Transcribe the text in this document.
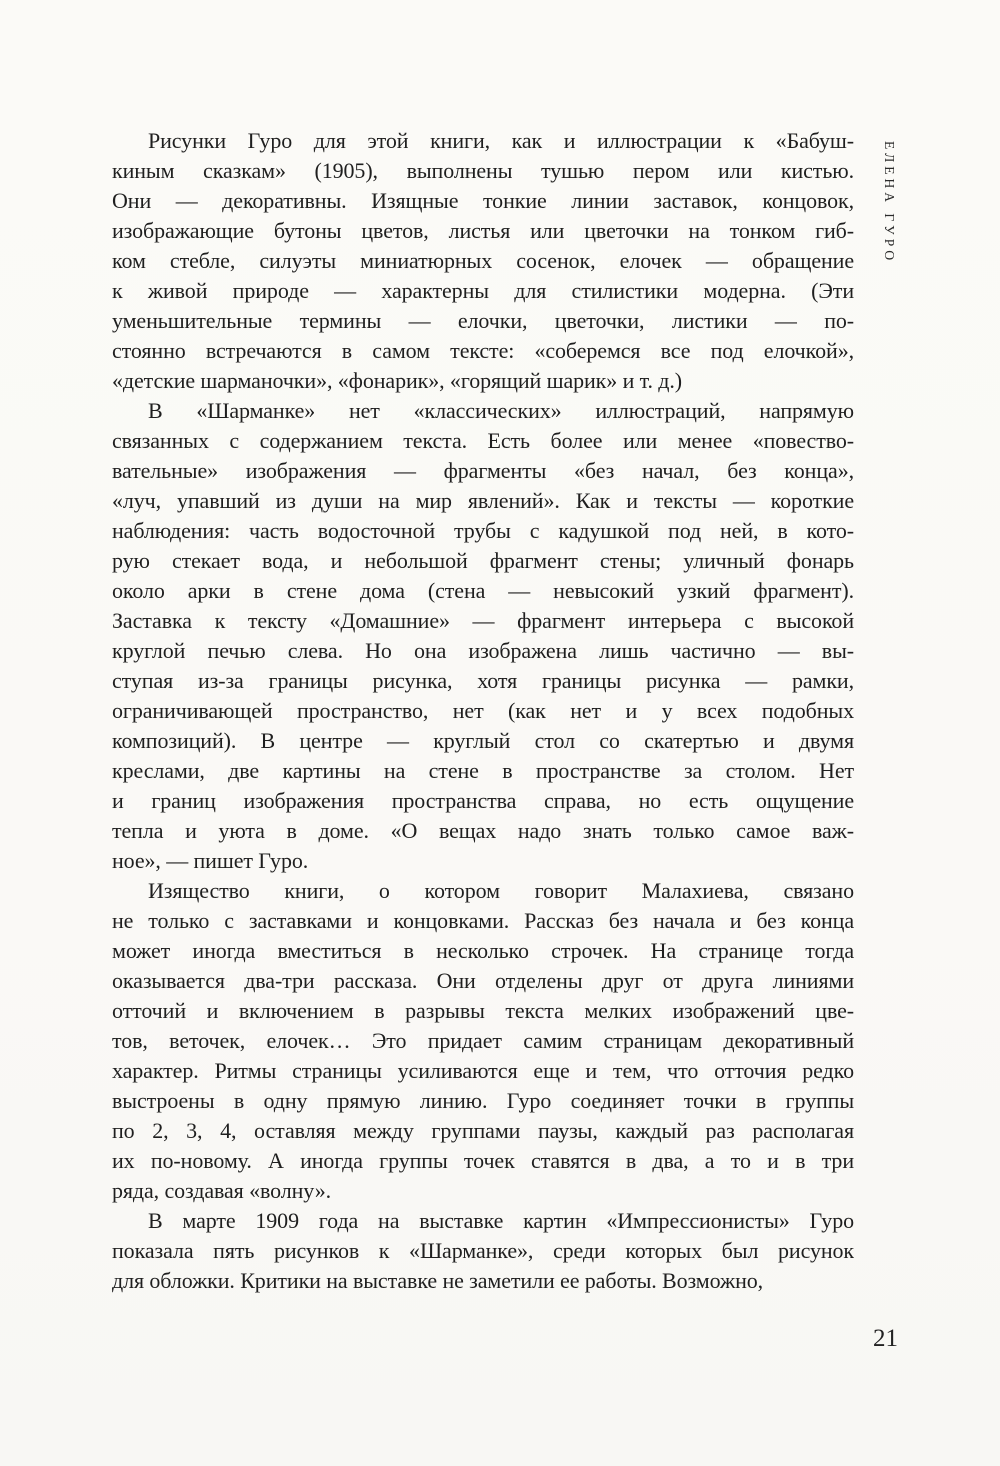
ЕЛЕНА ГУРО
Рисунки Гуро для этой книги, как и иллюстрации к «Бабуш-
киным сказкам» (1905), выполнены тушью пером или кистью.
Они — декоративны. Изящные тонкие линии заставок, концовок,
изображающие бутоны цветов, листья или цветочки на тонком гиб-
ком стебле, силуэты миниатюрных сосенок, елочек — обращение
к живой природе — характерны для стилистики модерна. (Эти
уменьшительные термины — елочки, цветочки, листики — по-
стоянно встречаются в самом тексте: «соберемся все под елочкой»,
«детские шарманочки», «фонарик», «горящий шарик» и т. д.)
В «Шарманке» нет «классических» иллюстраций, напрямую
связанных с содержанием текста. Есть более или менее «повество-
вательные» изображения — фрагменты «без начал, без конца»,
«луч, упавший из души на мир явлений». Как и тексты — короткие
наблюдения: часть водосточной трубы с кадушкой под ней, в кото-
рую стекает вода, и небольшой фрагмент стены; уличный фонарь
около арки в стене дома (стена — невысокий узкий фрагмент).
Заставка к тексту «Домашние» — фрагмент интерьера с высокой
круглой печью слева. Но она изображена лишь частично — вы-
ступая из-за границы рисунка, хотя границы рисунка — рамки,
ограничивающей пространство, нет (как нет и у всех подобных
композиций). В центре — круглый стол со скатертью и двумя
креслами, две картины на стене в пространстве за столом. Нет
и границ изображения пространства справа, но есть ощущение
тепла и уюта в доме. «О вещах надо знать только самое важ-
ное», — пишет Гуро.
Изящество книги, о котором говорит Малахиева, связано
не только с заставками и концовками. Рассказ без начала и без конца
может иногда вместиться в несколько строчек. На странице тогда
оказывается два-три рассказа. Они отделены друг от друга линиями
отточий и включением в разрывы текста мелких изображений цве-
тов, веточек, елочек… Это придает самим страницам декоративный
характер. Ритмы страницы усиливаются еще и тем, что отточия редко
выстроены в одну прямую линию. Гуро соединяет точки в группы
по 2, 3, 4, оставляя между группами паузы, каждый раз располагая
их по-новому. А иногда группы точек ставятся в два, а то и в три
ряда, создавая «волну».
В марте 1909 года на выставке картин «Импрессионисты» Гуро
показала пять рисунков к «Шарманке», среди которых был рисунок
для обложки. Критики на выставке не заметили ее работы. Возможно,
21
